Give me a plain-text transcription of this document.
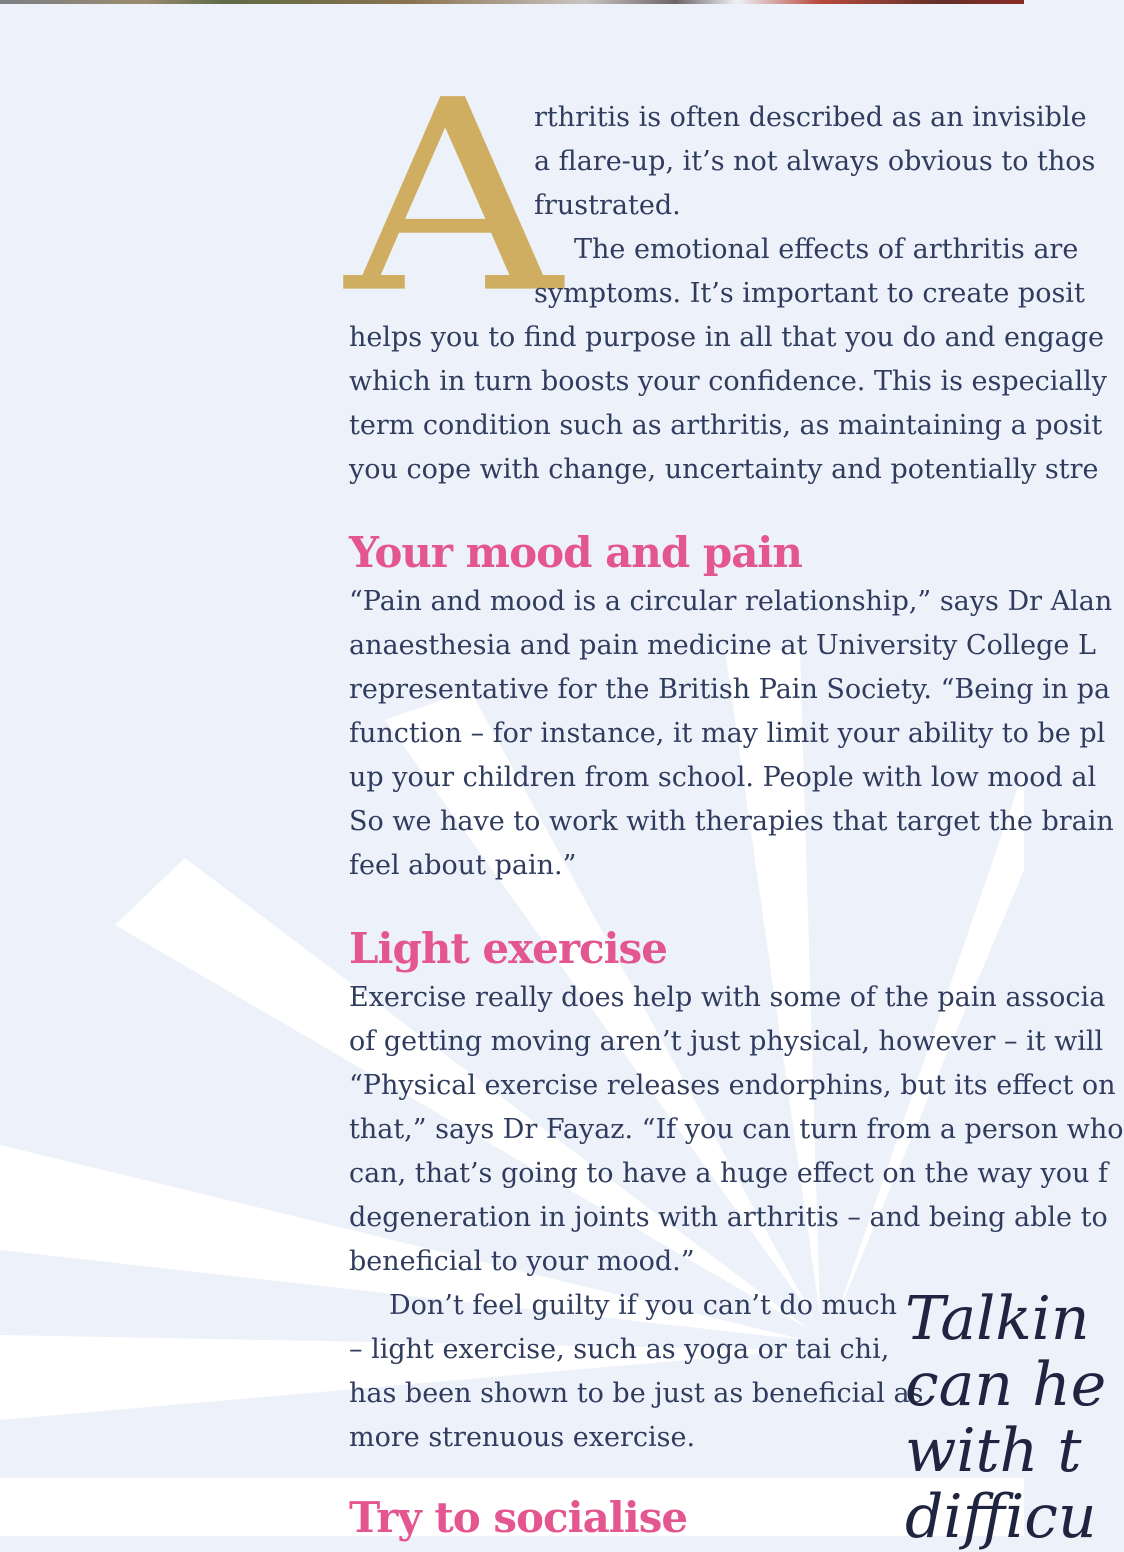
A
rthritis is often described as an invisible
a flare-up, it’s not always obvious to thos
frustrated.
The emotional effects of arthritis are
symptoms. It’s important to create posit
helps you to find purpose in all that you do and engage
which in turn boosts your confidence. This is especially
term condition such as arthritis, as maintaining a posit
you cope with change, uncertainty and potentially stre
Your mood and pain
“Pain and mood is a circular relationship,” says Dr Alan
anaesthesia and pain medicine at University College L
representative for the British Pain Society. “Being in pa
function – for instance, it may limit your ability to be pl
up your children from school. People with low mood al
So we have to work with therapies that target the brain
feel about pain.”
Light exercise
Exercise really does help with some of the pain associa
of getting moving aren’t just physical, however – it will
“Physical exercise releases endorphins, but its effect on
that,” says Dr Fayaz. “If you can turn from a person who
can, that’s going to have a huge effect on the way you f
degeneration in joints with arthritis – and being able to
beneficial to your mood.”
Don’t feel guilty if you can’t do much
– light exercise, such as yoga or tai chi,
has been shown to be just as beneficial as
more strenuous exercise.
Try to socialise
Talkin
can he
with t
difficu
